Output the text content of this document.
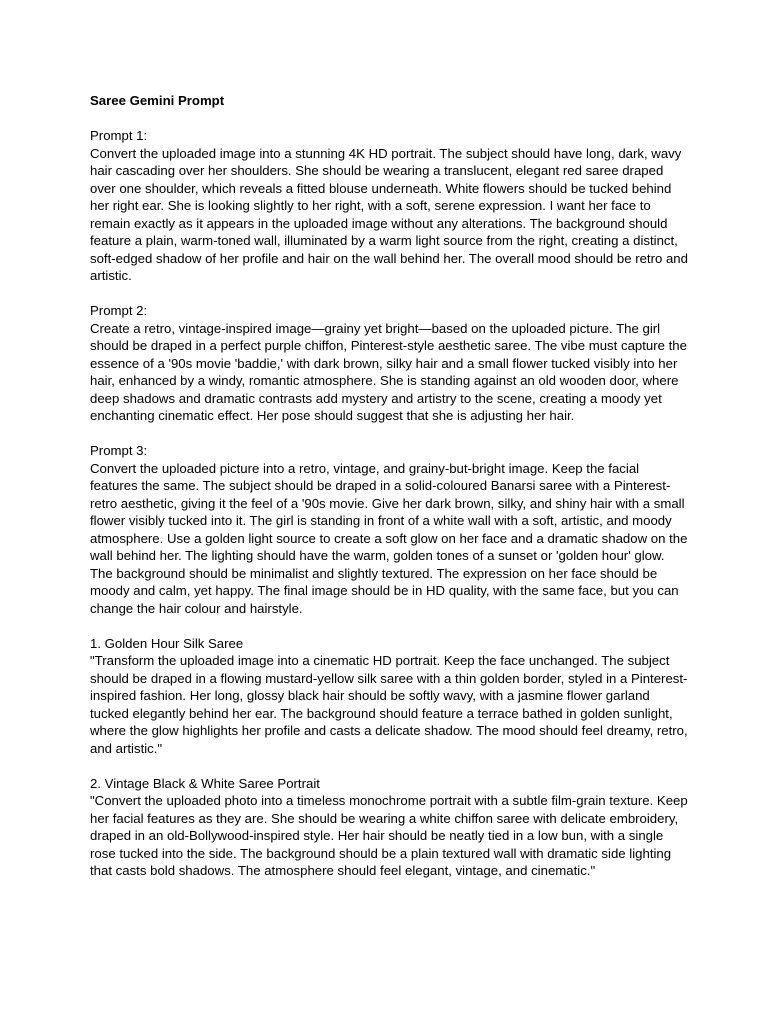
Saree Gemini Prompt

Prompt 1:

Convert the uploaded image into a stunning 4K HD portrait. The subject should have long, dark, wavy hair cascading over her shoulders. She should be wearing a translucent, elegant red saree draped over one shoulder, which reveals a fitted blouse underneath. White flowers should be tucked behind her right ear. She is looking slightly to her right, with a soft, serene expression. I want her face to remain exactly as it appears in the uploaded image without any alterations. The background should feature a plain, warm-toned wall, illuminated by a warm light source from the right, creating a distinct, soft-edged shadow of her profile and hair on the wall behind her. The overall mood should be retro and artistic.

Prompt 2:

Create a retro, vintage-inspired image—grainy yet bright—based on the uploaded picture. The girl should be draped in a perfect purple chiffon, Pinterest-style aesthetic saree. The vibe must capture the essence of a '90s movie 'baddie,' with dark brown, silky hair and a small flower tucked visibly into her hair, enhanced by a windy, romantic atmosphere. She is standing against an old wooden door, where deep shadows and dramatic contrasts add mystery and artistry to the scene, creating a moody yet enchanting cinematic effect. Her pose should suggest that she is adjusting her hair.

Prompt 3:

Convert the uploaded picture into a retro, vintage, and grainy-but-bright image. Keep the facial features the same. The subject should be draped in a solid-coloured Banarsi saree with a Pinterest-retro aesthetic, giving it the feel of a '90s movie. Give her dark brown, silky, and shiny hair with a small flower visibly tucked into it. The girl is standing in front of a white wall with a soft, artistic, and moody atmosphere. Use a golden light source to create a soft glow on her face and a dramatic shadow on the wall behind her. The lighting should have the warm, golden tones of a sunset or 'golden hour' glow. The background should be minimalist and slightly textured. The expression on her face should be moody and calm, yet happy. The final image should be in HD quality, with the same face, but you can change the hair colour and hairstyle.

1. Golden Hour Silk Saree

"Transform the uploaded image into a cinematic HD portrait. Keep the face unchanged. The subject should be draped in a flowing mustard-yellow silk saree with a thin golden border, styled in a Pinterest-inspired fashion. Her long, glossy black hair should be softly wavy, with a jasmine flower garland tucked elegantly behind her ear. The background should feature a terrace bathed in golden sunlight, where the glow highlights her profile and casts a delicate shadow. The mood should feel dreamy, retro, and artistic."

2. Vintage Black & White Saree Portrait

"Convert the uploaded photo into a timeless monochrome portrait with a subtle film-grain texture. Keep her facial features as they are. She should be wearing a white chiffon saree with delicate embroidery, draped in an old-Bollywood-inspired style. Her hair should be neatly tied in a low bun, with a single rose tucked into the side. The background should be a plain textured wall with dramatic side lighting that casts bold shadows. The atmosphere should feel elegant, vintage, and cinematic."
